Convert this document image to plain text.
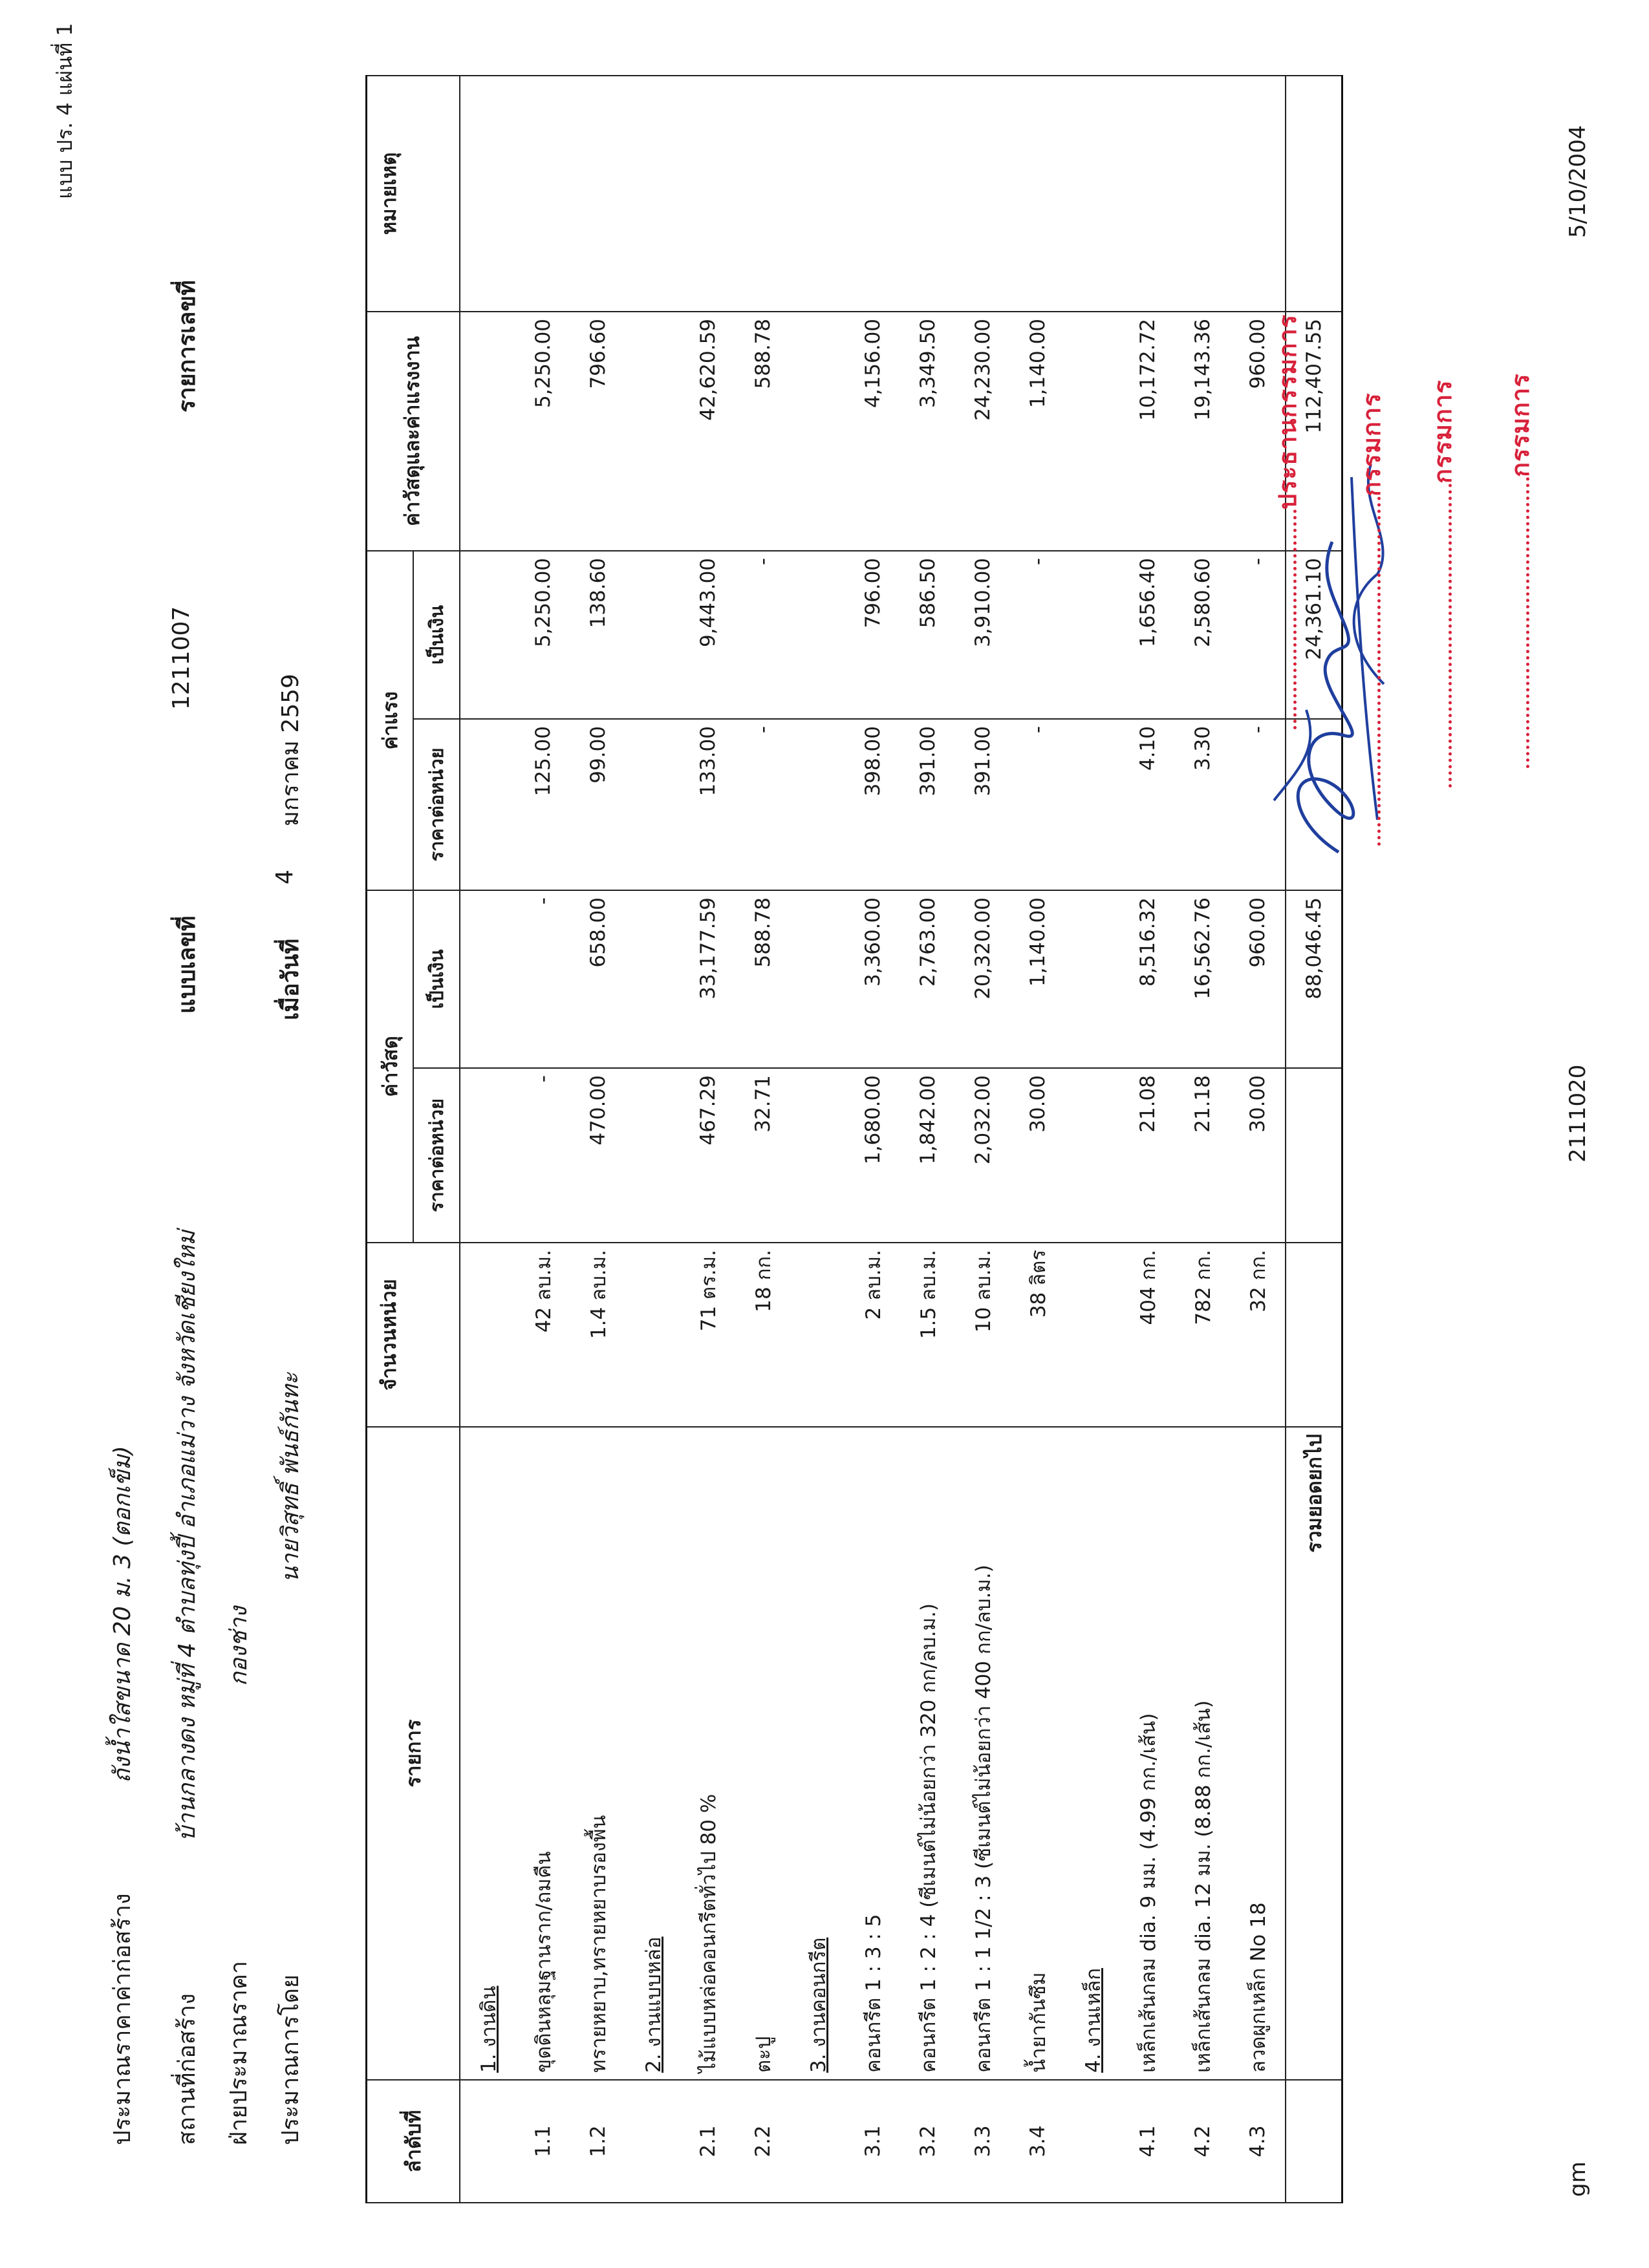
แบบ ปร. 4 แผ่นที่ 1
ประมาณราคาค่าก่อสร้าง
ถังน้ำใสขนาด 20 ม. 3 (ตอกเข็ม)
สถานที่ก่อสร้าง
บ้านกลางดง หมู่ที่ 4 ตำบลทุ่งปี้ อำเภอแม่วาง จังหวัดเชียงใหม่
แบบเลขที่
1211007
รายการเลขที่
ฝ่ายประมาณราคา
กองช่าง
ประมาณการโดย
นายวิสุทธิ์ พันธ์กันทะ
เมื่อวันที่
4
มกราคม 2559
ลำดับที่	รายการ	จำนวนหน่วย	ค่าวัสดุ		ค่าแรง		ค่าวัสดุและค่าแรงงาน	หมายเหตุ
			ราคาต่อหน่วย	เป็นเงิน	ราคาต่อหน่วย	เป็นเงิน		
	1. งานดิน							
1.1	ขุดดินหลุมฐานราก/ถมคืน	42 ลบ.ม.	-	-	125.00	5,250.00	5,250.00	
1.2	ทรายหยาบ,ทรายหยาบรองพื้น	1.4 ลบ.ม.	470.00	658.00	99.00	138.60	796.60	
	2. งานแบบหล่อ							
2.1	ไม้แบบหล่อคอนกรีตทั่วไป 80 %	71 ตร.ม.	467.29	33,177.59	133.00	9,443.00	42,620.59	
2.2	ตะปู	18 กก.	32.71	588.78	-	-	588.78	
	3. งานคอนกรีต							
3.1	คอนกรีต 1 : 3 : 5	2 ลบ.ม.	1,680.00	3,360.00	398.00	796.00	4,156.00	
3.2	คอนกรีต 1 : 2 : 4 (ซีเมนต์ไม่น้อยกว่า 320 กก/ลบ.ม.)	1.5 ลบ.ม.	1,842.00	2,763.00	391.00	586.50	3,349.50	
3.3	คอนกรีต 1 : 1 1/2 : 3 (ซีเมนต์ไม่น้อยกว่า 400 กก/ลบ.ม.)	10 ลบ.ม.	2,032.00	20,320.00	391.00	3,910.00	24,230.00	
3.4	น้ำยากันซึม	38 ลิตร	30.00	1,140.00	-	-	1,140.00	
	4. งานเหล็ก							
4.1	เหล็กเส้นกลม dia. 9 มม. (4.99 กก./เส้น)	404 กก.	21.08	8,516.32	4.10	1,656.40	10,172.72	
4.2	เหล็กเส้นกลม dia. 12 มม. (8.88 กก./เส้น)	782 กก.	21.18	16,562.76	3.30	2,580.60	19,143.36	
4.3	ลวดผูกเหล็ก No 18	32 กก.	30.00	960.00	-	-	960.00	
	รวมยอดยกไป			88,046.45		24,361.10	112,407.55	
gm
2111020
5/10/2004
ประธานกรรมการ กรรมการ กรรมการ กรรมการ
